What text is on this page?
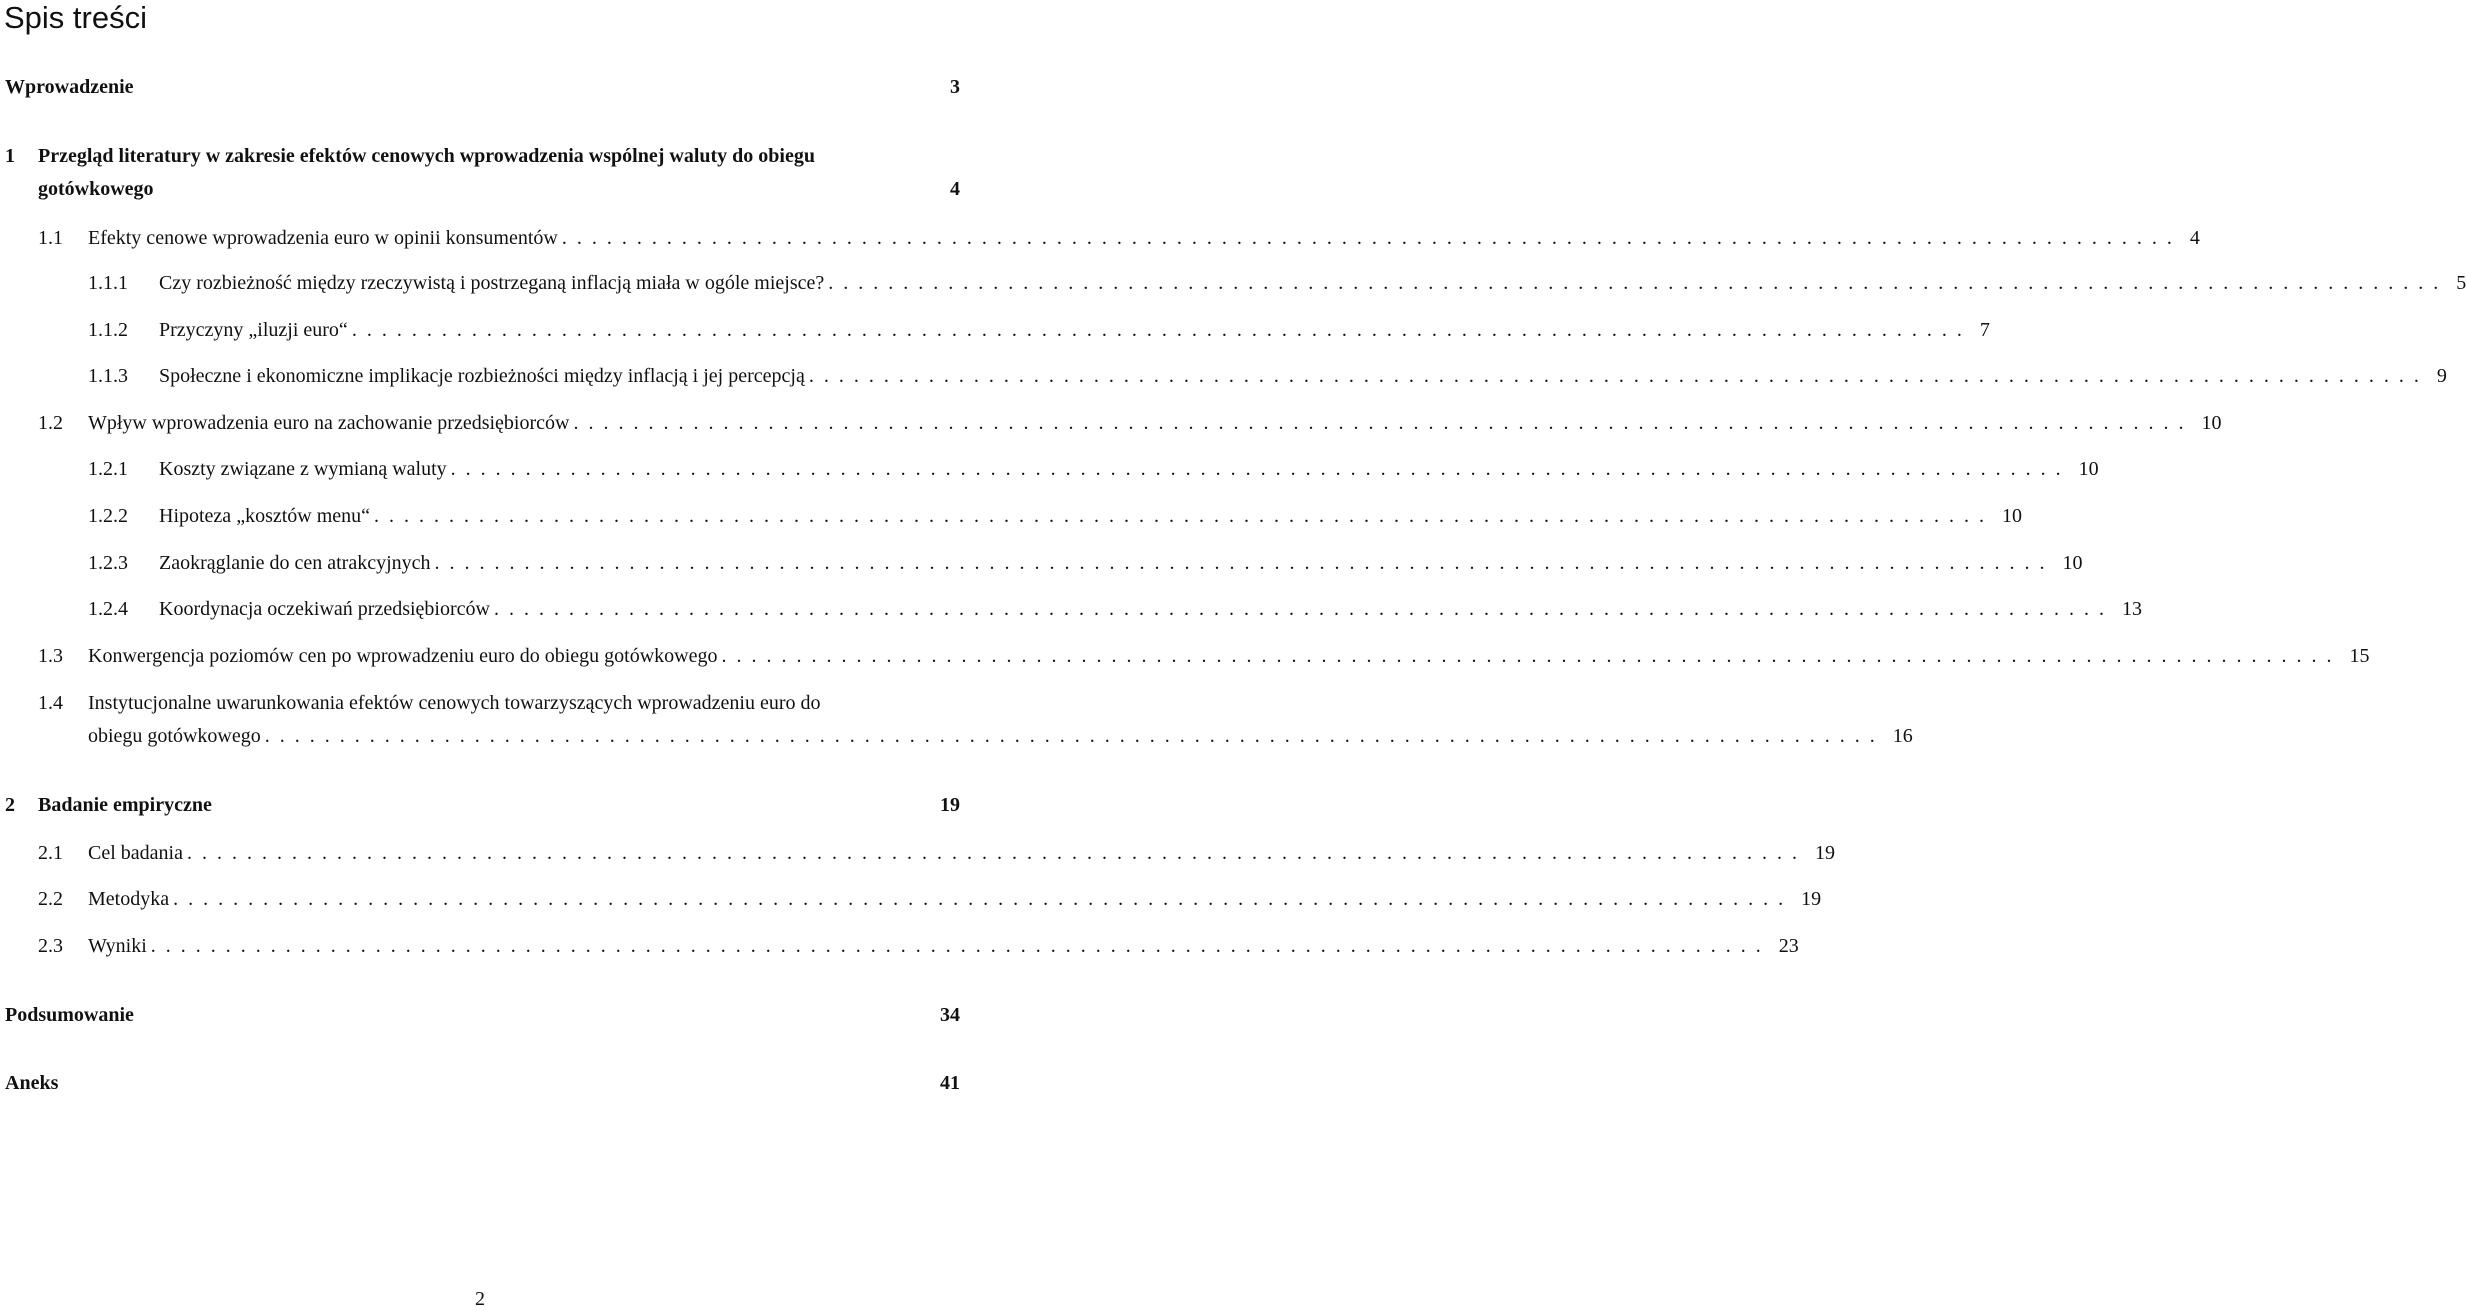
Spis treści
Wprowadzenie	3
1 Przegląd literatury w zakresie efektów cenowych wprowadzenia wspólnej waluty do obiegu
gotówkowego	4
1.1	Efekty cenowe wprowadzenia euro w opinii konsumentów ............................................................................................................ 4
1.1.1	Czy rozbieżność między rzeczywistą i postrzeganą inflacją miała w ogóle miejsce? ............................................................................................................ 5
1.1.2	Przyczyny „iluzji euro“ ............................................................................................................ 7
1.1.3	Społeczne i ekonomiczne implikacje rozbieżności między inflacją i jej percepcją ............................................................................................................ 9
1.2	Wpływ wprowadzenia euro na zachowanie przedsiębiorców ............................................................................................................ 10
1.2.1	Koszty związane z wymianą waluty ............................................................................................................ 10
1.2.2	Hipoteza „kosztów menu“ ............................................................................................................ 10
1.2.3	Zaokrąglanie do cen atrakcyjnych ............................................................................................................ 10
1.2.4	Koordynacja oczekiwań przedsiębiorców ............................................................................................................ 13
1.3	Konwergencja poziomów cen po wprowadzeniu euro do obiegu gotówkowego ............................................................................................................ 15
1.4 Instytucjonalne uwarunkowania efektów cenowych towarzyszących wprowadzeniu euro do
obiegu gotówkowego ............................................................................................................ 16
2	Badanie empiryczne	19
2.1	Cel badania ............................................................................................................ 19
2.2	Metodyka ............................................................................................................ 19
2.3	Wyniki ............................................................................................................ 23
Podsumowanie	34
Aneks	41
2
